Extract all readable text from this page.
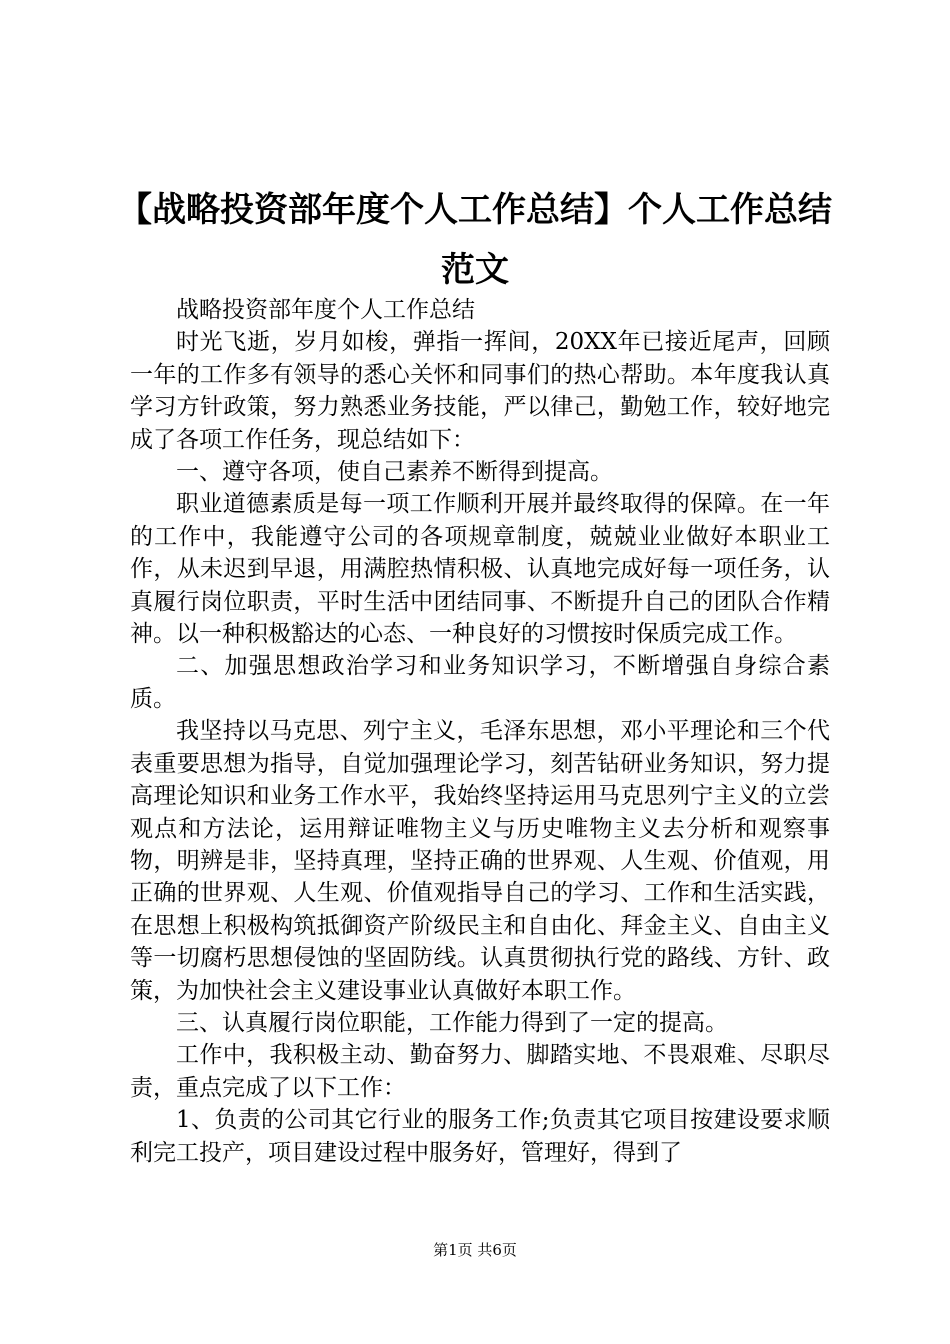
【战略投资部年度个人工作总结】个人工作总结范文

战略投资部年度个人工作总结

时光飞逝，岁月如梭，弹指一挥间，20XX年已接近尾声，回顾一年的工作多有领导的悉心关怀和同事们的热心帮助。本年度我认真学习方针政策，努力熟悉业务技能，严以律己，勤勉工作，较好地完成了各项工作任务，现总结如下：

一、遵守各项，使自己素养不断得到提高。

职业道德素质是每一项工作顺利开展并最终取得的保障。在一年的工作中，我能遵守公司的各项规章制度，兢兢业业做好本职业工作，从未迟到早退，用满腔热情积极、认真地完成好每一项任务，认真履行岗位职责，平时生活中团结同事、不断提升自己的团队合作精神。以一种积极豁达的心态、一种良好的习惯按时保质完成工作。

二、加强思想政治学习和业务知识学习，不断增强自身综合素质。

我坚持以马克思、列宁主义，毛泽东思想，邓小平理论和三个代表重要思想为指导，自觉加强理论学习，刻苦钻研业务知识，努力提高理论知识和业务工作水平，我始终坚持运用马克思列宁主义的立尝观点和方法论，运用辩证唯物主义与历史唯物主义去分析和观察事物，明辨是非，坚持真理，坚持正确的世界观、人生观、价值观，用正确的世界观、人生观、价值观指导自己的学习、工作和生活实践，在思想上积极构筑抵御资产阶级民主和自由化、拜金主义、自由主义等一切腐朽思想侵蚀的坚固防线。认真贯彻执行党的路线、方针、政策，为加快社会主义建设事业认真做好本职工作。

三、认真履行岗位职能，工作能力得到了一定的提高。

工作中，我积极主动、勤奋努力、脚踏实地、不畏艰难、尽职尽责，重点完成了以下工作：

1、负责的公司其它行业的服务工作;负责其它项目按建设要求顺利完工投产，项目建设过程中服务好，管理好，得到了

第1页 共6页
